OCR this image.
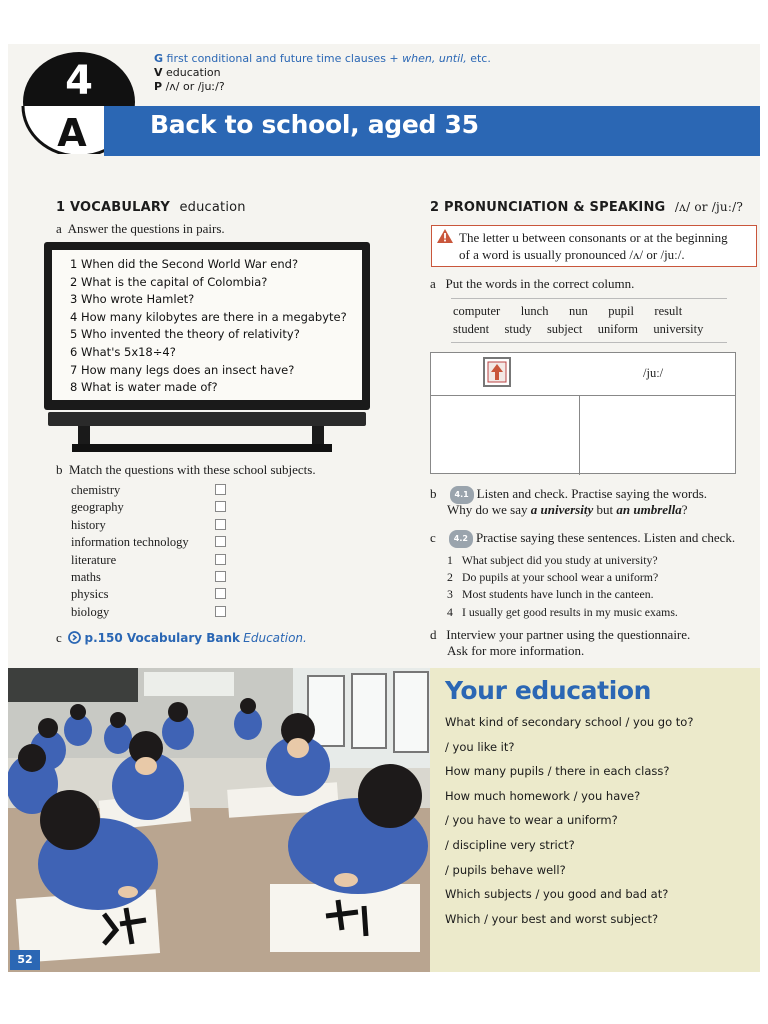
4
A
G first conditional and future time clauses + when, until, etc.
V education
P /ʌ/ or /juː/?
Back to school, aged 35
1 VOCABULARY education
a Answer the questions in pairs.
1 When did the Second World War end?
2 What is the capital of Colombia?
3 Who wrote Hamlet?
4 How many kilobytes are there in a megabyte?
5 Who invented the theory of relativity?
6 What's 5x18÷4?
7 How many legs does an insect have?
8 What is water made of?
b Match the questions with these school subjects.
chemistry
geography
history
information technology
literature
maths
physics
biology
c p.150 Vocabulary Bank Education.
2 PRONUNCIATION & SPEAKING /ʌ/ or /juː/?
The letter u between consonants or at the beginning
of a word is usually pronounced /ʌ/ or /juː/.
a Put the words in the correct column.
computer    lunch    nun    pupil    result
student   study   subject   uniform   university
/juː/
b 4.1 Listen and check. Practise saying the words.
Why do we say a university but an umbrella?
c 4.2 Practise saying these sentences. Listen and check.
1 What subject did you study at university?
2 Do pupils at your school wear a uniform?
3 Most students have lunch in the canteen.
4 I usually get good results in my music exams.
d Interview your partner using the questionnaire.
Ask for more information.
52
Your education
What kind of secondary school / you go to?
/ you like it?
How many pupils / there in each class?
How much homework / you have?
/ you have to wear a uniform?
/ discipline very strict?
/ pupils behave well?
Which subjects / you good and bad at?
Which / your best and worst subject?
